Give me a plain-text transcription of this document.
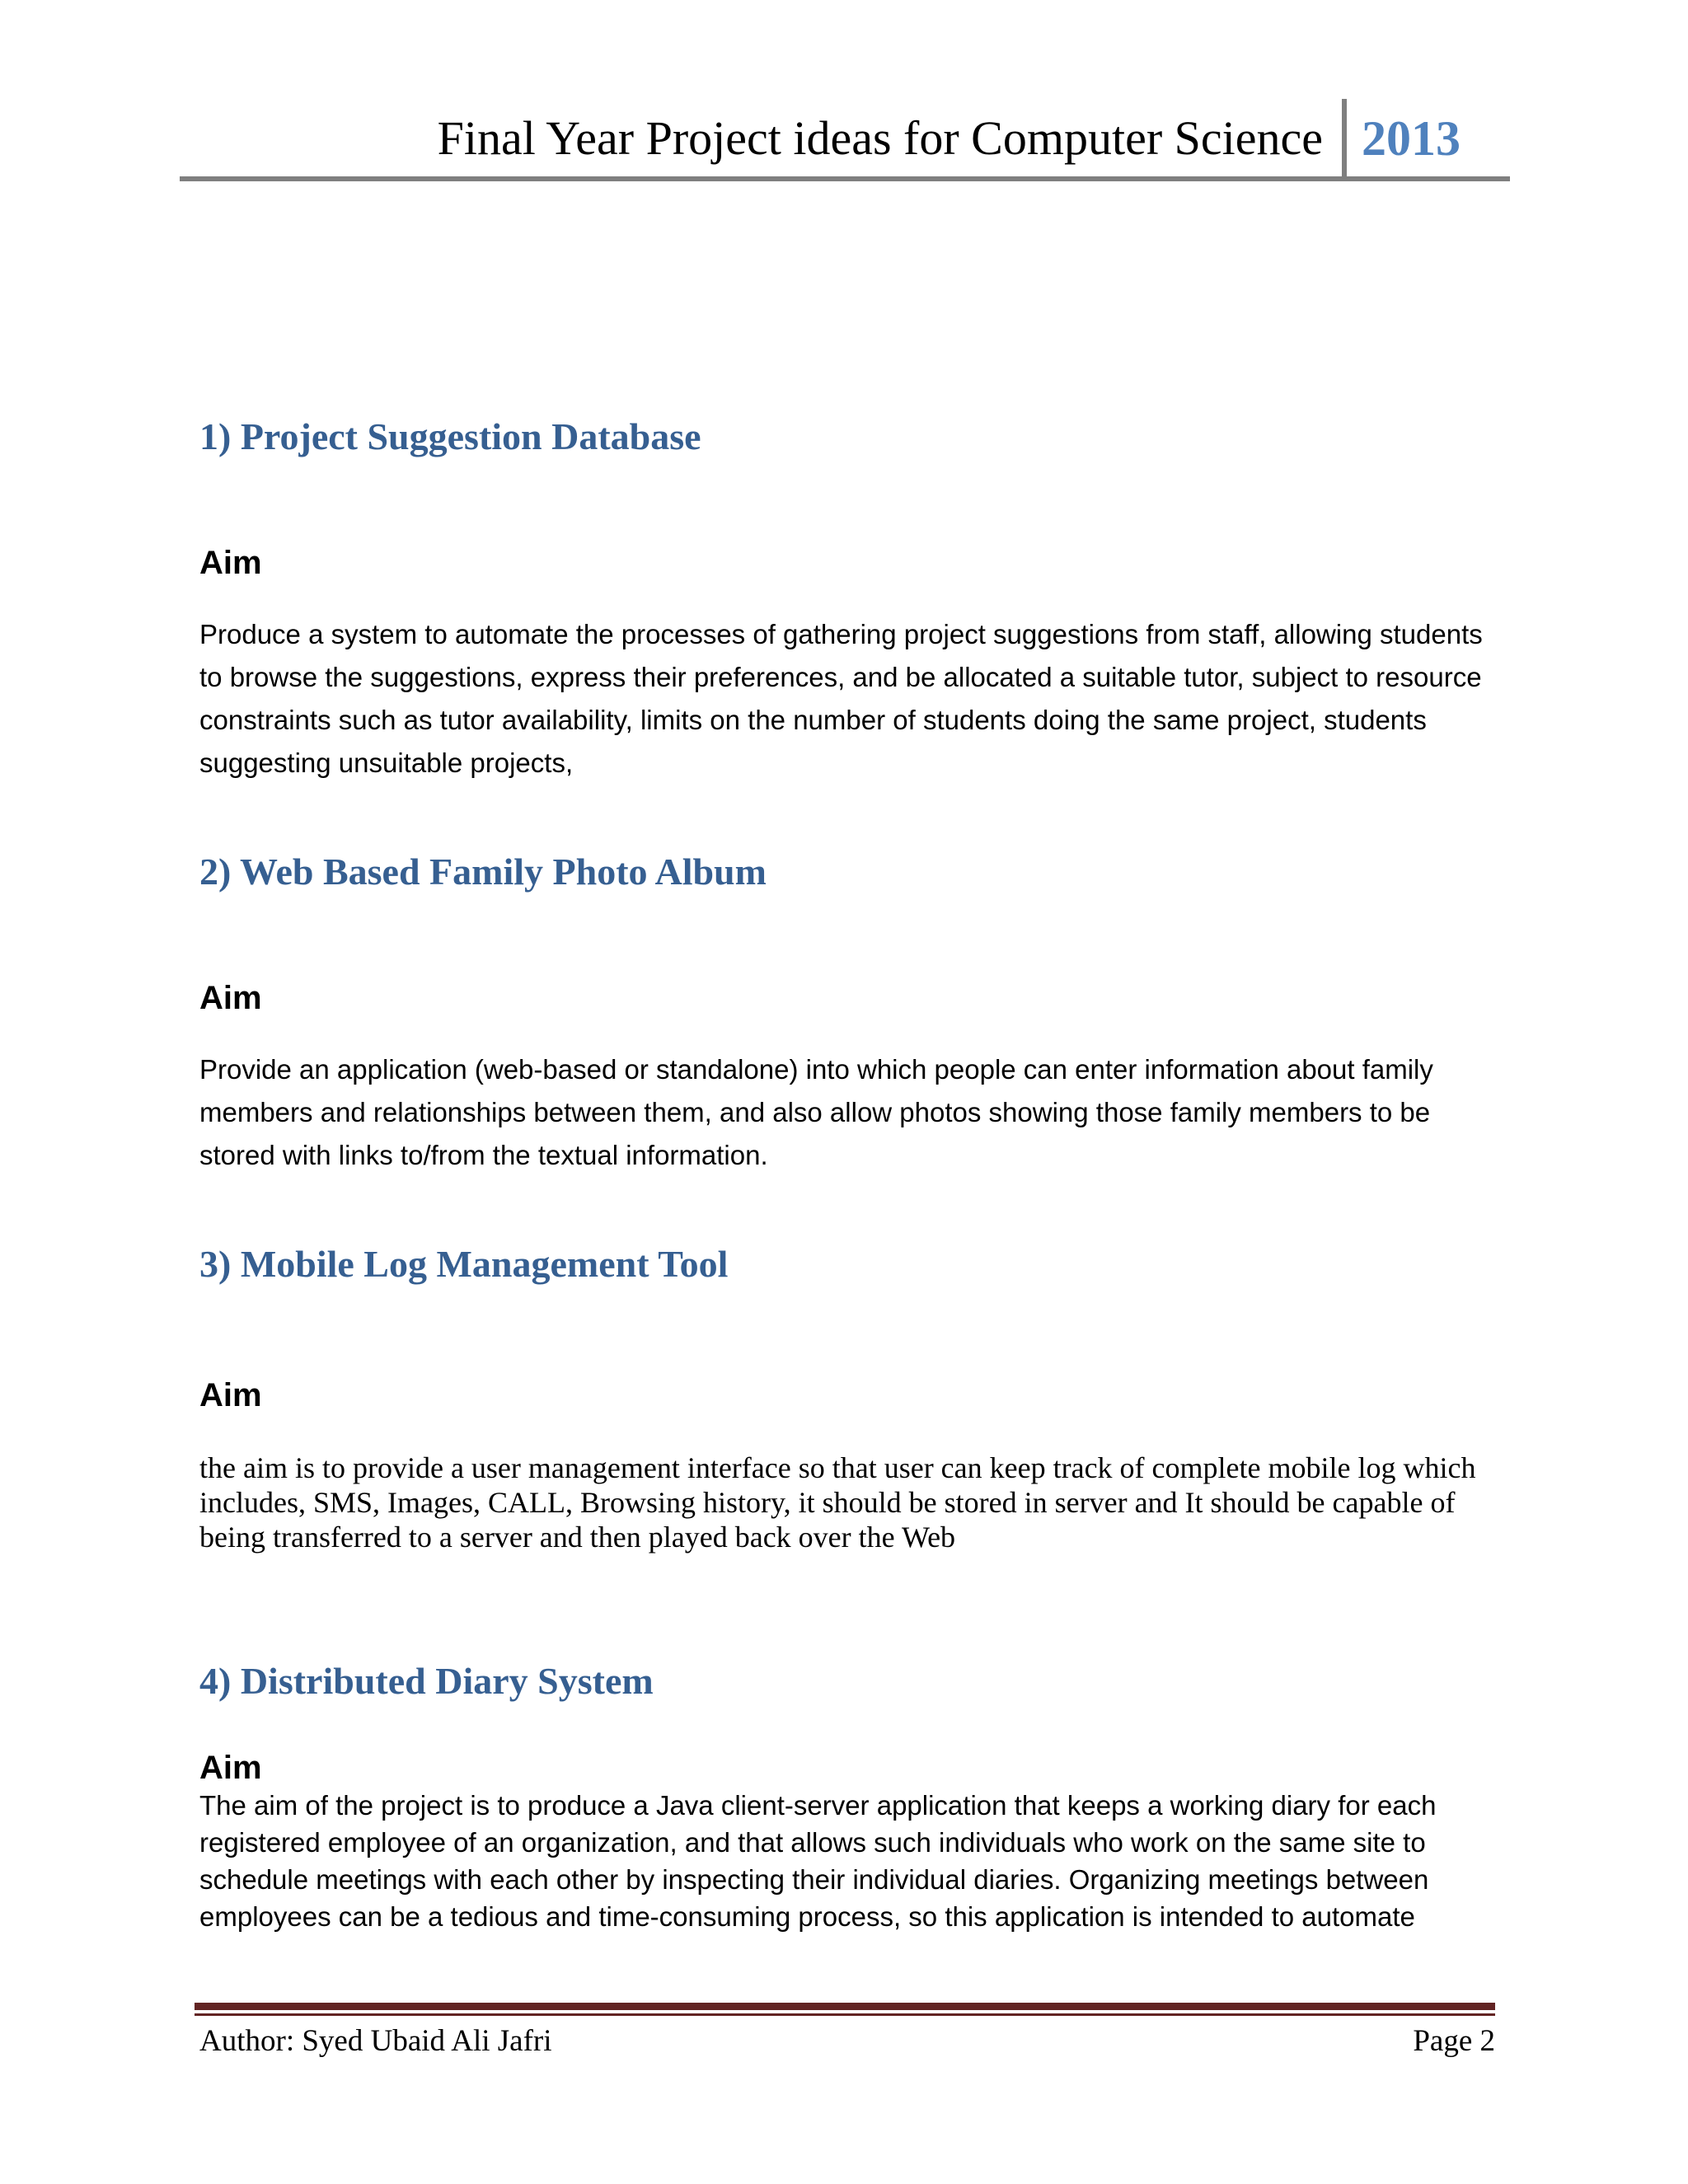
Final Year Project ideas for Computer Science 2013
1) Project Suggestion Database
Aim

Produce a system to automate the processes of gathering project suggestions from staff, allowing students to browse the suggestions, express their preferences, and be allocated a suitable tutor, subject to resource constraints such as tutor availability, limits on the number of students doing the same project, students suggesting unsuitable projects,

2) Web Based Family Photo Album
Aim

Provide an application (web-based or standalone) into which people can enter information about family members and relationships between them, and also allow photos showing those family members to be stored with links to/from the textual information.

3) Mobile Log Management Tool
Aim

the aim is to provide a user management interface so that user can keep track of complete mobile log which includes, SMS, Images, CALL, Browsing history, it should be stored in server and It should be capable of being transferred to a server and then played back over the Web

4) Distributed Diary System
Aim

The aim of the project is to produce a Java client-server application that keeps a working diary for each registered employee of an organization, and that allows such individuals who work on the same site to schedule meetings with each other by inspecting their individual diaries. Organizing meetings between employees can be a tedious and time-consuming process, so this application is intended to automate

Author: Syed Ubaid Ali Jafri	Page 2
